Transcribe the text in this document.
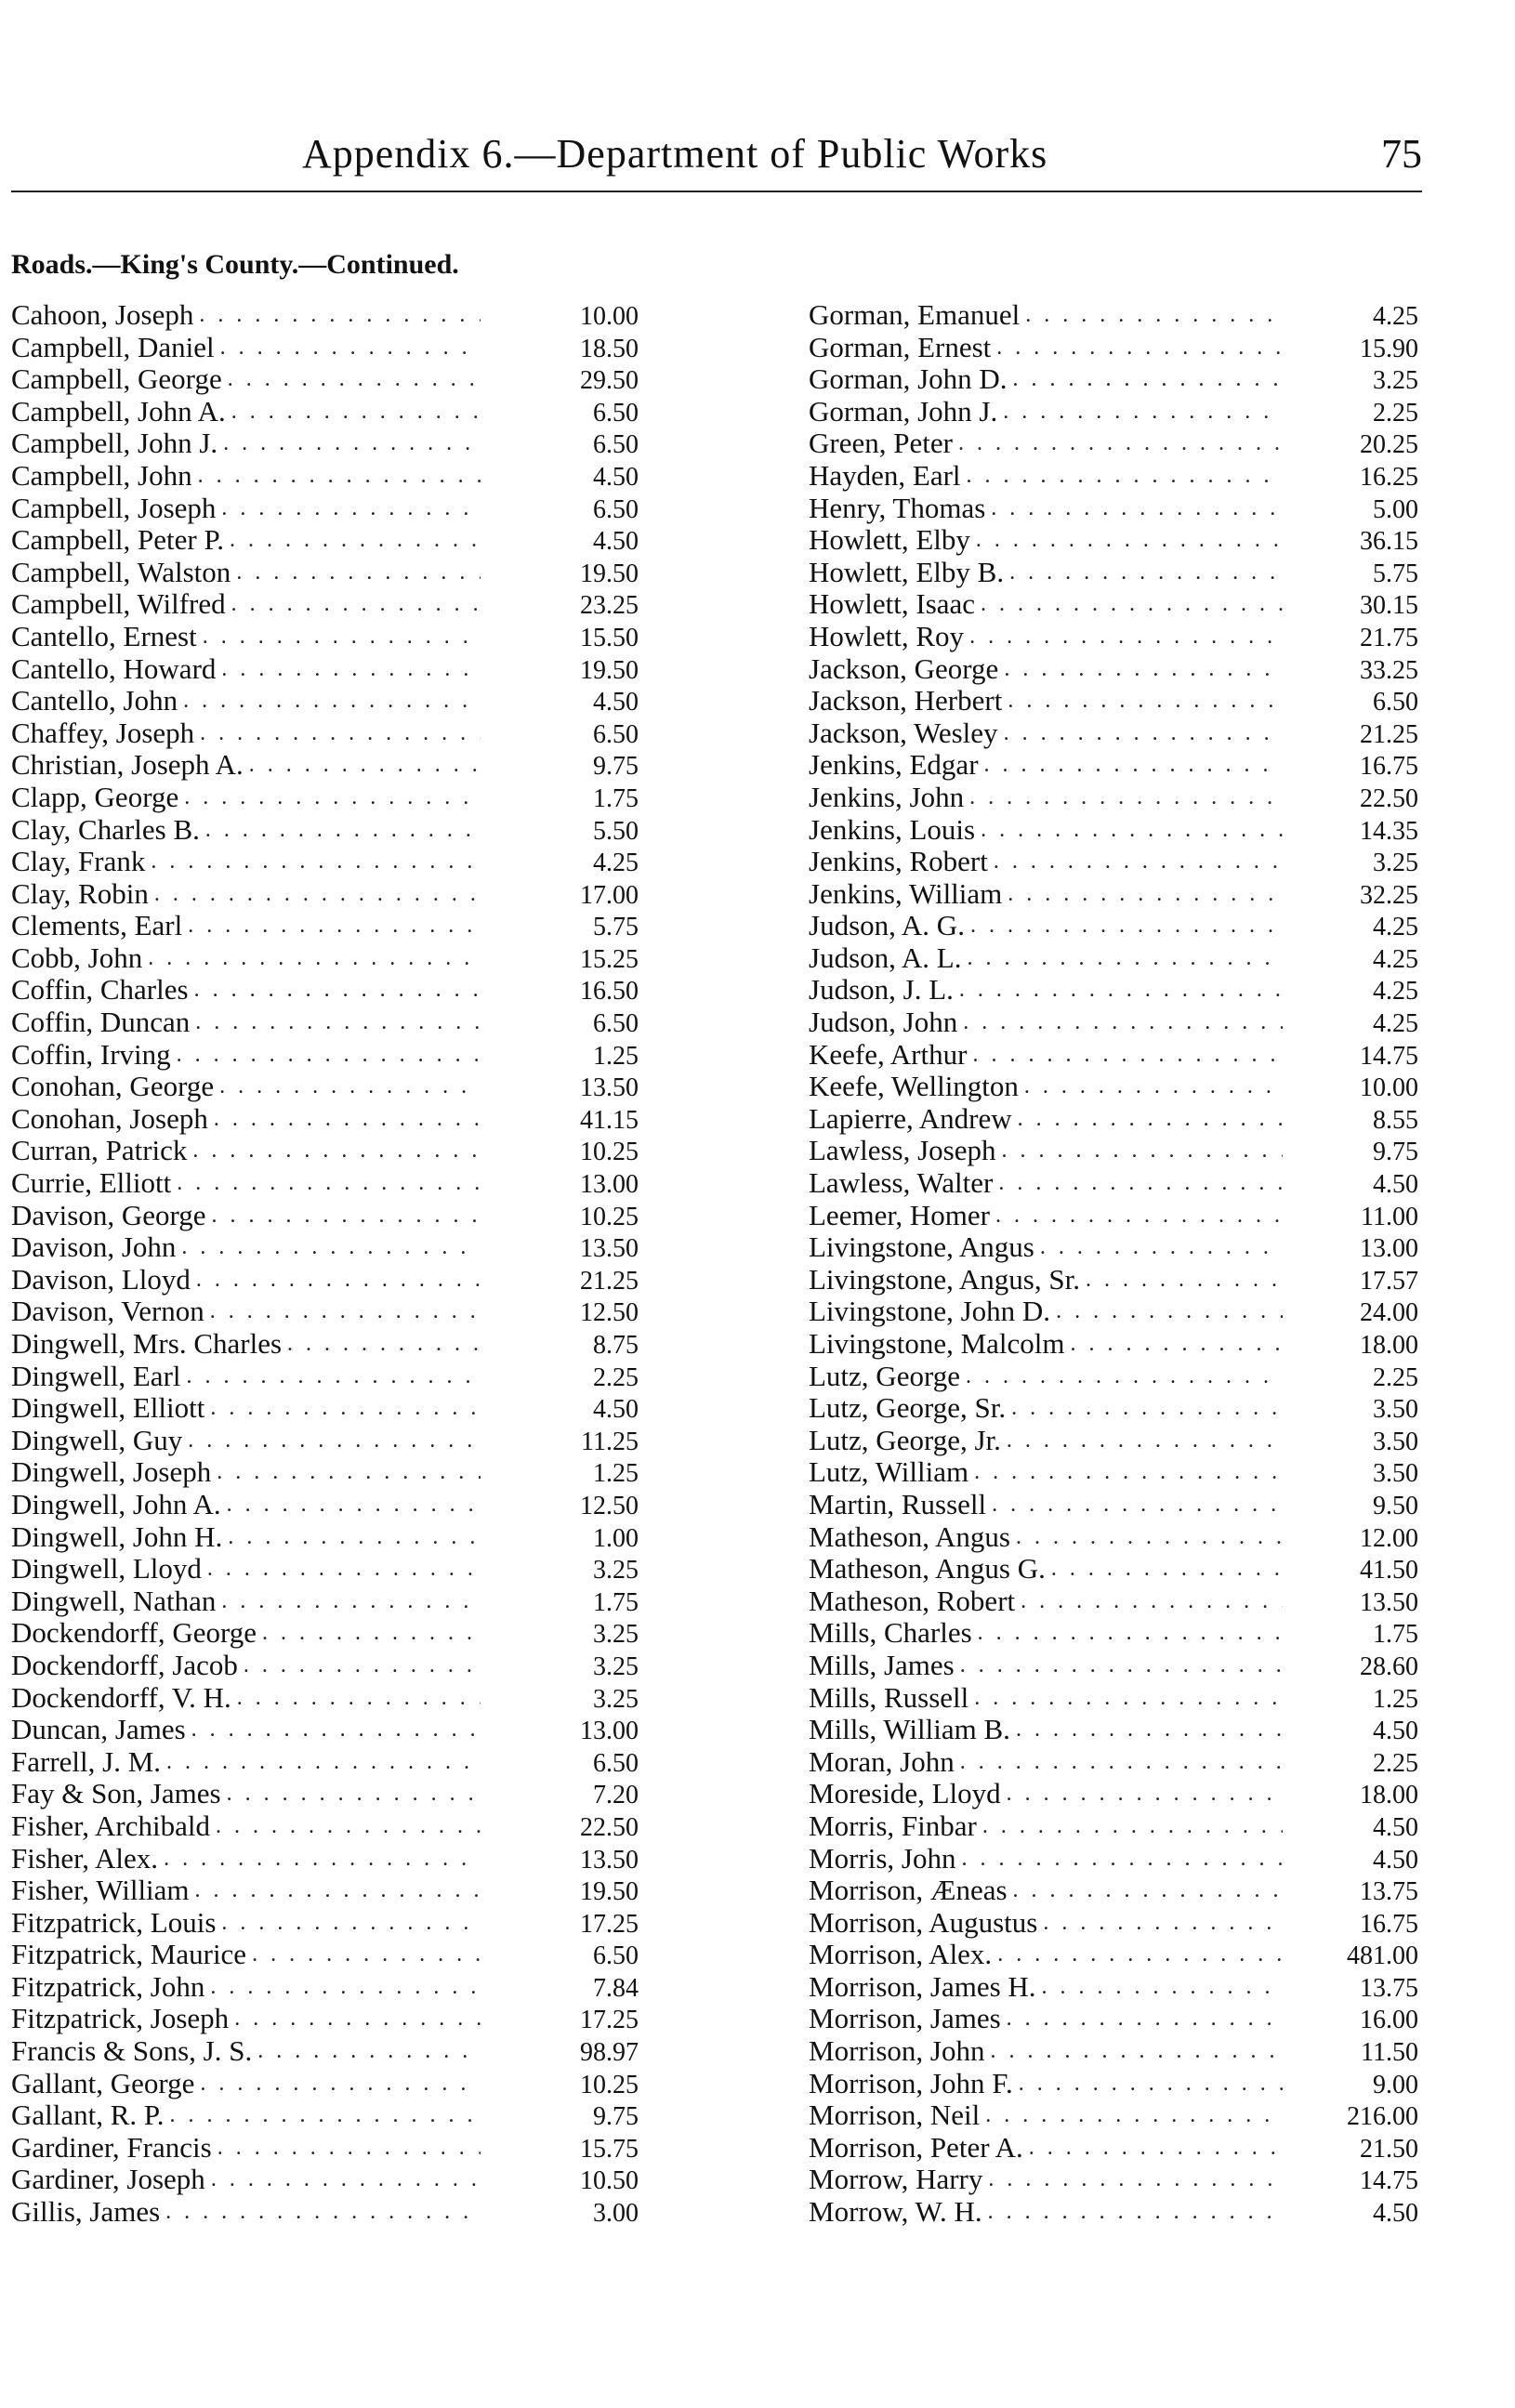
Appendix 6.—Department of Public Works	75
Roads.—King's County.—Continued.
Cahoon, Joseph . . .	10.00
Campbell, Daniel . . .	18.50
Campbell, George . . .	29.50
Campbell, John A. . . .	6.50
Campbell, John J. . . .	6.50
Campbell, John . . .	4.50
Campbell, Joseph . . .	6.50
Campbell, Peter P. . . .	4.50
Campbell, Walston . . .	19.50
Campbell, Wilfred . . .	23.25
Cantello, Ernest . . .	15.50
Cantello, Howard . . .	19.50
Cantello, John . . .	4.50
Chaffey, Joseph . . .	6.50
Christian, Joseph A. . . .	9.75
Clapp, George . . .	1.75
Clay, Charles B. . . .	5.50
Clay, Frank . . .	4.25
Clay, Robin . . .	17.00
Clements, Earl . . .	5.75
Cobb, John . . .	15.25
Coffin, Charles . . .	16.50
Coffin, Duncan . . .	6.50
Coffin, Irving . . .	1.25
Conohan, George . . .	13.50
Conohan, Joseph . . .	41.15
Curran, Patrick . . .	10.25
Currie, Elliott . . .	13.00
Davison, George . . .	10.25
Davison, John . . .	13.50
Davison, Lloyd . . .	21.25
Davison, Vernon . . .	12.50
Dingwell, Mrs. Charles . . .	8.75
Dingwell, Earl . . .	2.25
Dingwell, Elliott . . .	4.50
Dingwell, Guy . . .	11.25
Dingwell, Joseph . . .	1.25
Dingwell, John A. . . .	12.50
Dingwell, John H. . . .	1.00
Dingwell, Lloyd . . .	3.25
Dingwell, Nathan . . .	1.75
Dockendorff, George . . .	3.25
Dockendorff, Jacob . . .	3.25
Dockendorff, V. H. . . .	3.25
Duncan, James . . .	13.00
Farrell, J. M. . . .	6.50
Fay & Son, James . . .	7.20
Fisher, Archibald . . .	22.50
Fisher, Alex. . . .	13.50
Fisher, William . . .	19.50
Fitzpatrick, Louis . . .	17.25
Fitzpatrick, Maurice . . .	6.50
Fitzpatrick, John . . .	7.84
Fitzpatrick, Joseph . . .	17.25
Francis & Sons, J. S. . . .	98.97
Gallant, George . . .	10.25
Gallant, R. P. . . .	9.75
Gardiner, Francis . . .	15.75
Gardiner, Joseph . . .	10.50
Gillis, James . . .	3.00
Gorman, Emanuel . . .	4.25
Gorman, Ernest . . .	15.90
Gorman, John D. . . .	3.25
Gorman, John J. . . .	2.25
Green, Peter . . .	20.25
Hayden, Earl . . .	16.25
Henry, Thomas . . .	5.00
Howlett, Elby . . .	36.15
Howlett, Elby B. . . .	5.75
Howlett, Isaac . . .	30.15
Howlett, Roy . . .	21.75
Jackson, George . . .	33.25
Jackson, Herbert . . .	6.50
Jackson, Wesley . . .	21.25
Jenkins, Edgar . . .	16.75
Jenkins, John . . .	22.50
Jenkins, Louis . . .	14.35
Jenkins, Robert . . .	3.25
Jenkins, William . . .	32.25
Judson, A. G. . . .	4.25
Judson, A. L. . . .	4.25
Judson, J. L. . . .	4.25
Judson, John . . .	4.25
Keefe, Arthur . . .	14.75
Keefe, Wellington . . .	10.00
Lapierre, Andrew . . .	8.55
Lawless, Joseph . . .	9.75
Lawless, Walter . . .	4.50
Leemer, Homer . . .	11.00
Livingstone, Angus . . .	13.00
Livingstone, Angus, Sr. . . .	17.57
Livingstone, John D. . . .	24.00
Livingstone, Malcolm . . .	18.00
Lutz, George . . .	2.25
Lutz, George, Sr. . . .	3.50
Lutz, George, Jr. . . .	3.50
Lutz, William . . .	3.50
Martin, Russell . . .	9.50
Matheson, Angus . . .	12.00
Matheson, Angus G. . . .	41.50
Matheson, Robert . . .	13.50
Mills, Charles . . .	1.75
Mills, James . . .	28.60
Mills, Russell . . .	1.25
Mills, William B. . . .	4.50
Moran, John . . .	2.25
Moreside, Lloyd . . .	18.00
Morris, Finbar . . .	4.50
Morris, John . . .	4.50
Morrison, Æneas . . .	13.75
Morrison, Augustus . . .	16.75
Morrison, Alex. . . .	481.00
Morrison, James H. . . .	13.75
Morrison, James . . .	16.00
Morrison, John . . .	11.50
Morrison, John F. . . .	9.00
Morrison, Neil . . .	216.00
Morrison, Peter A. . . .	21.50
Morrow, Harry . . .	14.75
Morrow, W. H. . . .	4.50
